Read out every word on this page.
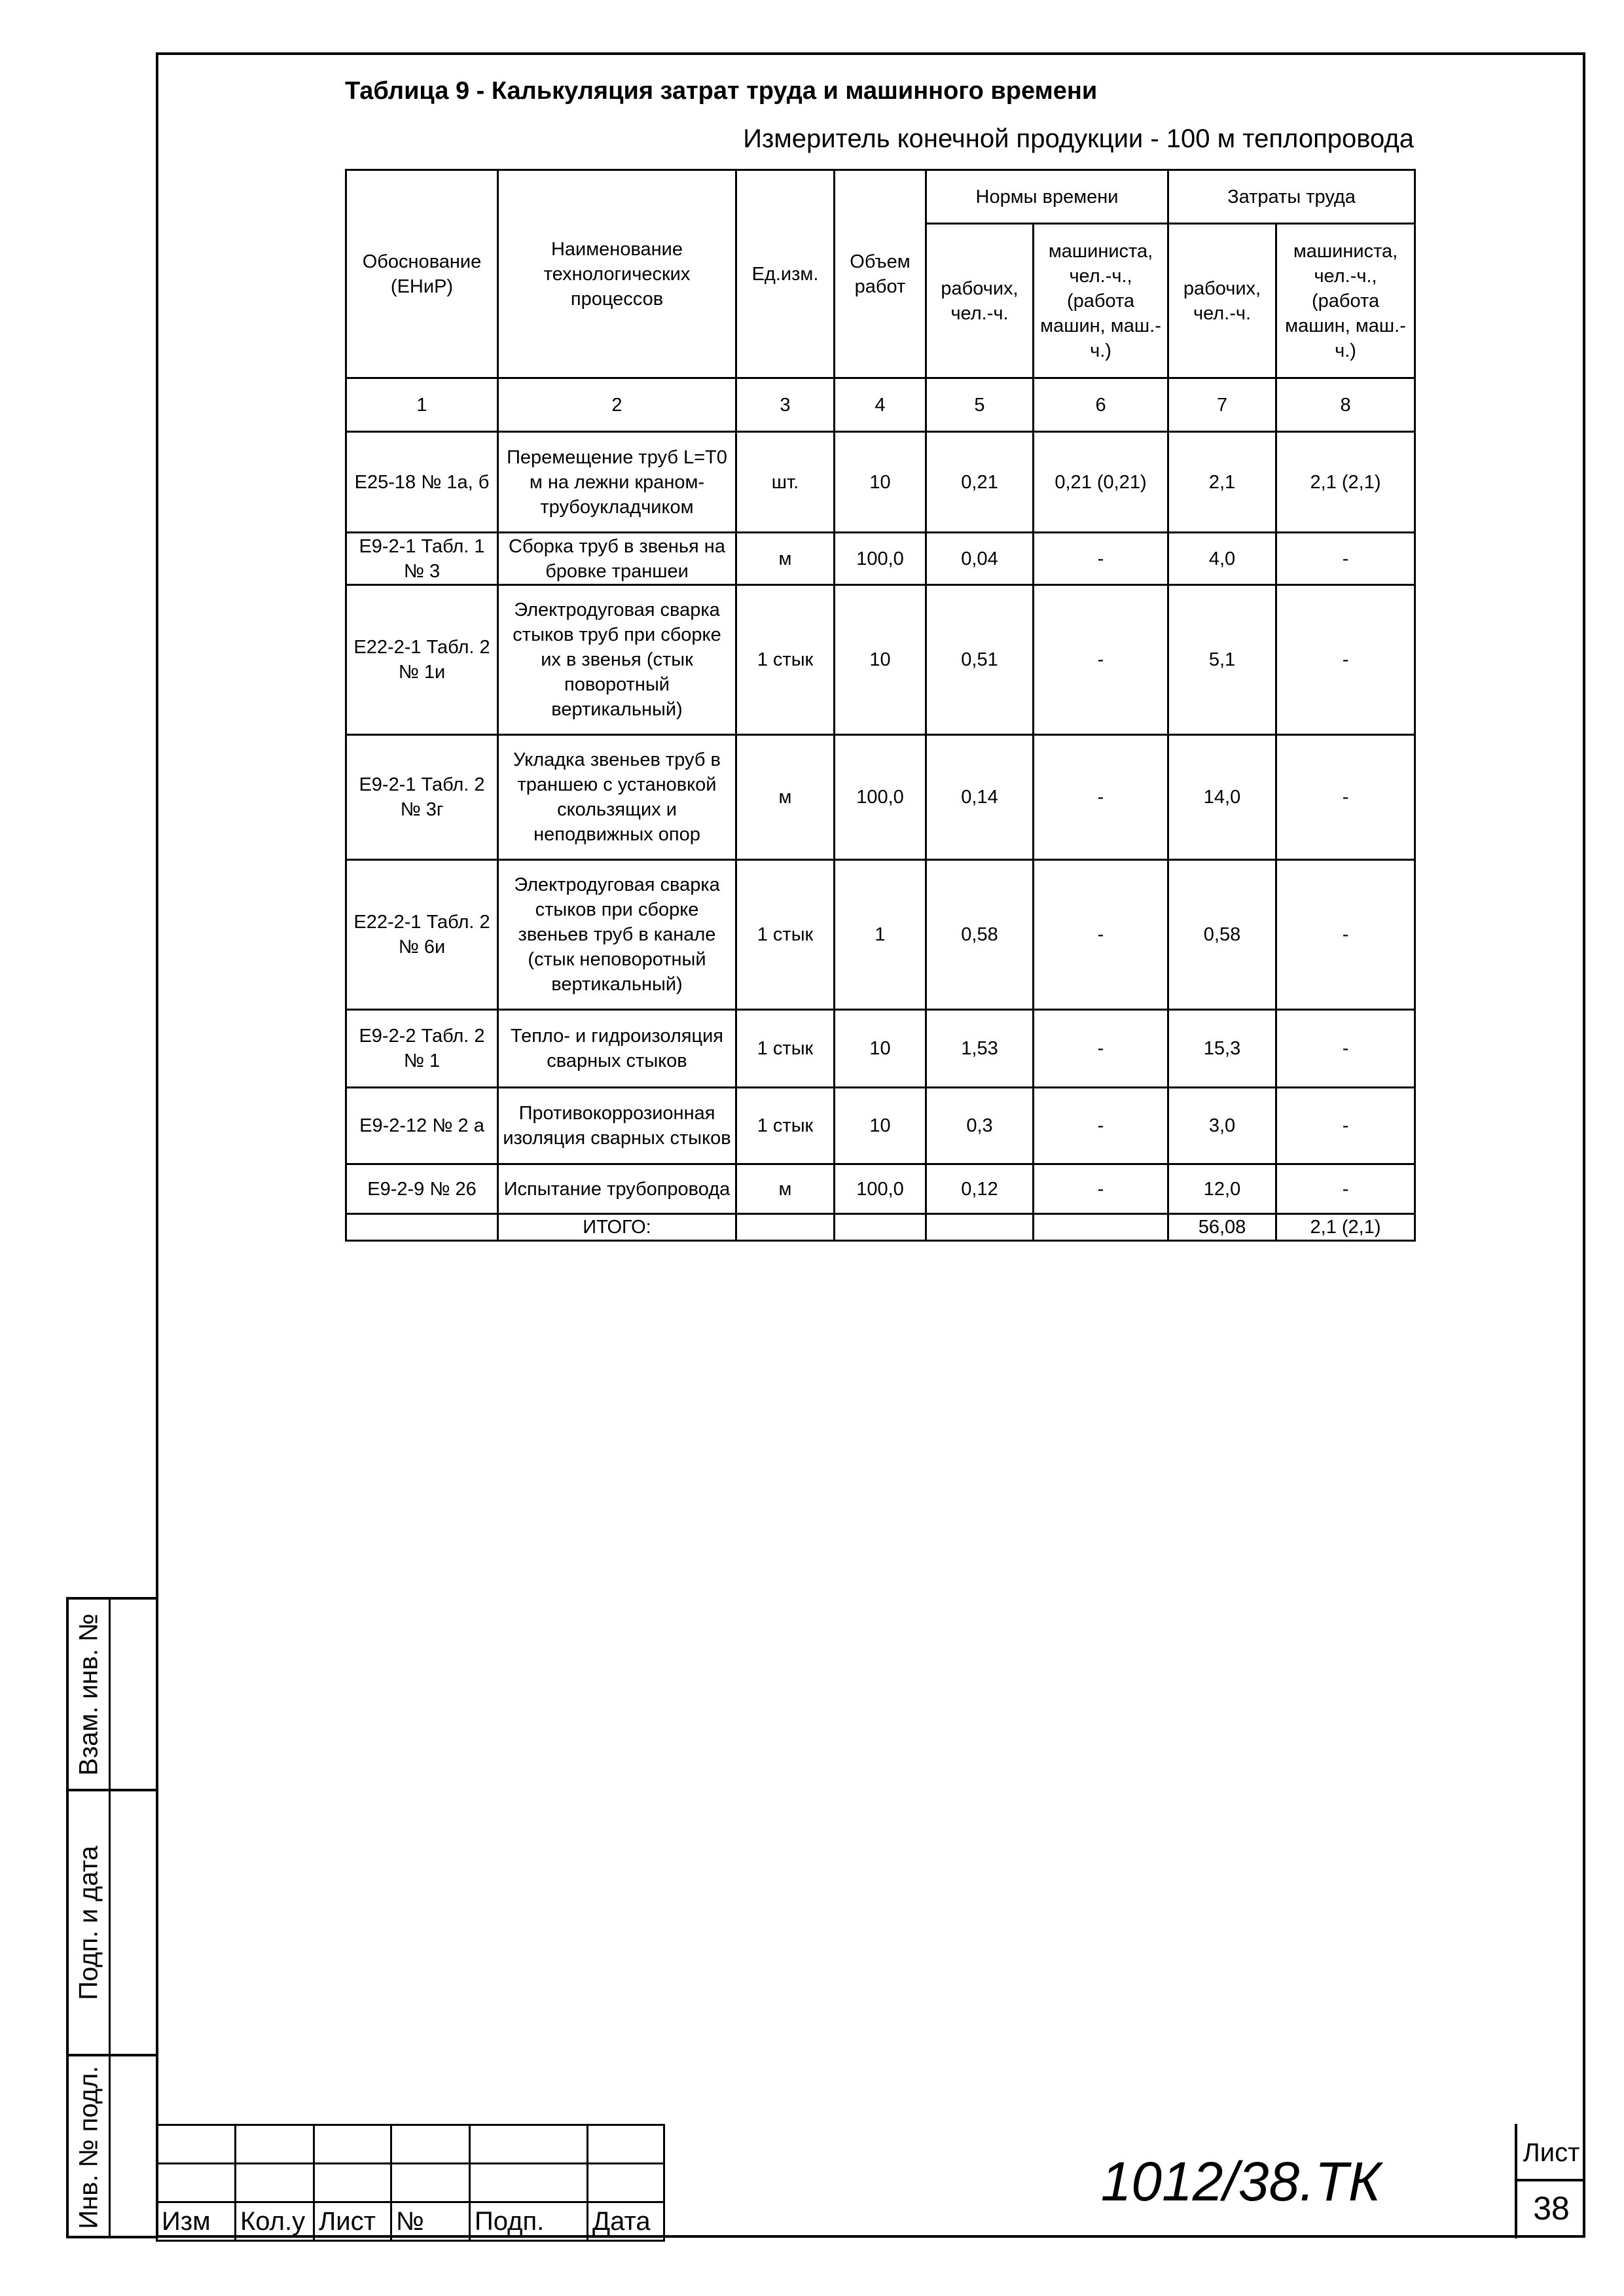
Таблица 9 - Калькуляция затрат труда и машинного времени
Измеритель конечной продукции - 100 м теплопровода
Обоснование (ЕНиР)	Наименование технологических процессов	Ед.изм.	Объем работ	Нормы времени		Затраты труда	
				рабочих, чел.-ч.	машиниста, чел.-ч., (работа машин, маш.-ч.)	рабочих, чел.-ч.	машиниста, чел.-ч., (работа машин, маш.-ч.)
1	2	3	4	5	6	7	8
Е25-18 № 1а, б	Перемещение труб L=Т0 м на лежни краном-трубоукладчиком	шт.	10	0,21	0,21 (0,21)	2,1	2,1 (2,1)
Е9-2-1 Табл. 1 № 3	Сборка труб в звенья на бровке траншеи	м	100,0	0,04	-	4,0	-
Е22-2-1 Табл. 2 № 1и	Электродуговая сварка стыков труб при сборке их в звенья (стык поворотный вертикальный)	1 стык	10	0,51	-	5,1	-
Е9-2-1 Табл. 2 № 3г	Укладка звеньев труб в траншею с установкой скользящих и неподвижных опор	м	100,0	0,14	-	14,0	-
Е22-2-1 Табл. 2 № 6и	Электродуговая сварка стыков при сборке звеньев труб в канале (стык неповоротный вертикальный)	1 стык	1	0,58	-	0,58	-
Е9-2-2 Табл. 2 № 1	Тепло- и гидроизоляция сварных стыков	1 стык	10	1,53	-	15,3	-
Е9-2-12 № 2 а	Противокоррозионная изоляция сварных стыков	1 стык	10	0,3	-	3,0	-
Е9-2-9 № 26	Испытание трубопровода	м	100,0	0,12	-	12,0	-
	ИТОГО:					56,08	2,1 (2,1)
Взам. инв. №
Подп. и дата
Инв. № подл.

					Изм	Кол.у	Лист	№	Подп.	Дата
1012/38.ТК	Лист
38
